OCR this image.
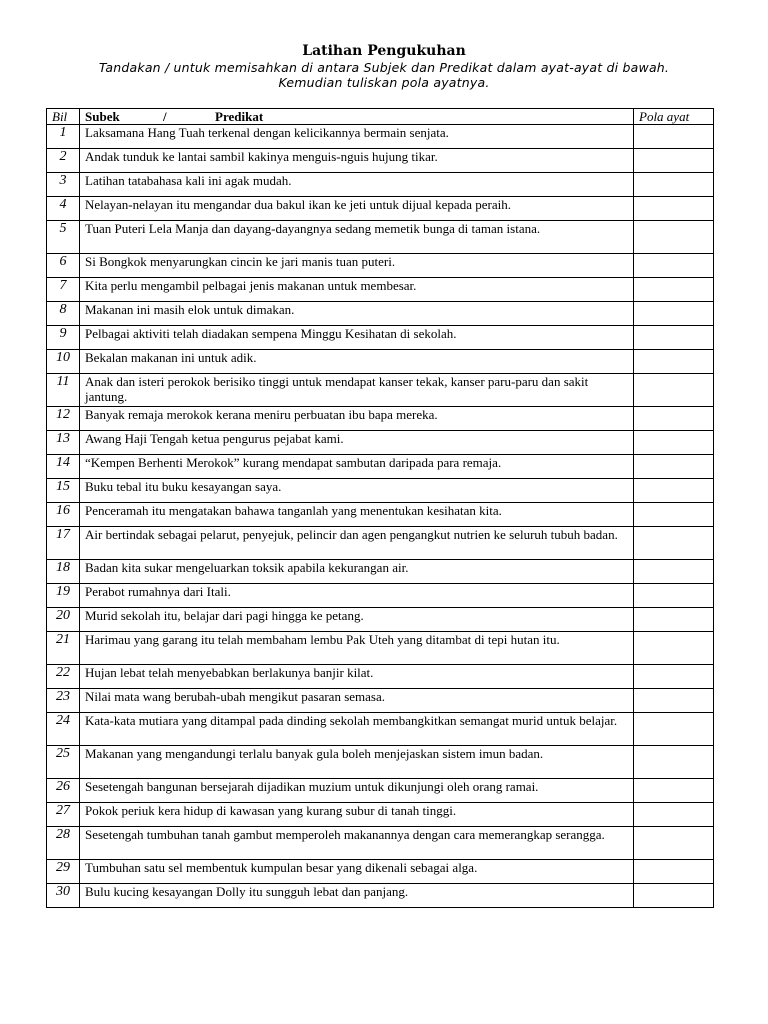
Latihan Pengukuhan
Tandakan / untuk memisahkan di antara Subjek dan Predikat dalam ayat-ayat di bawah.
Kemudian tuliskan pola ayatnya.
Bil	Subek / Predikat	Pola ayat
1	Laksamana Hang Tuah terkenal dengan kelicikannya bermain senjata.	
2	Andak tunduk ke lantai sambil kakinya menguis-nguis hujung tikar.	
3	Latihan tatabahasa kali ini agak mudah.	
4	Nelayan-nelayan itu mengandar dua bakul ikan ke jeti untuk dijual kepada peraih.	
5	Tuan Puteri Lela Manja dan dayang-dayangnya sedang memetik bunga di taman istana.	
6	Si Bongkok menyarungkan cincin ke jari manis tuan puteri.	
7	Kita perlu mengambil pelbagai jenis makanan untuk membesar.	
8	Makanan ini masih elok untuk dimakan.	
9	Pelbagai aktiviti telah diadakan sempena Minggu Kesihatan di sekolah.	
10	Bekalan makanan ini untuk adik.	
11	Anak dan isteri perokok berisiko tinggi untuk mendapat kanser tekak, kanser paru-paru dan sakit jantung.	
12	Banyak remaja merokok kerana meniru perbuatan ibu bapa mereka.	
13	Awang Haji Tengah ketua pengurus pejabat kami.	
14	“Kempen Berhenti Merokok” kurang mendapat sambutan daripada para remaja.	
15	Buku tebal itu buku kesayangan saya.	
16	Penceramah itu mengatakan bahawa tanganlah yang menentukan kesihatan kita.	
17	Air bertindak sebagai pelarut, penyejuk, pelincir dan agen pengangkut nutrien ke seluruh tubuh badan.	
18	Badan kita sukar mengeluarkan toksik apabila kekurangan air.	
19	Perabot rumahnya dari Itali.	
20	Murid sekolah itu, belajar dari pagi hingga ke petang.	
21	Harimau yang garang itu telah membaham lembu Pak Uteh yang ditambat di tepi hutan itu.	
22	Hujan lebat telah menyebabkan berlakunya banjir kilat.	
23	Nilai mata wang berubah-ubah mengikut pasaran semasa.	
24	Kata-kata mutiara yang ditampal pada dinding sekolah membangkitkan semangat murid untuk belajar.	
25	Makanan yang mengandungi terlalu banyak gula boleh menjejaskan sistem imun badan.	
26	Sesetengah bangunan bersejarah dijadikan muzium untuk dikunjungi oleh orang ramai.	
27	Pokok periuk kera hidup di kawasan yang kurang subur di tanah tinggi.	
28	Sesetengah tumbuhan tanah gambut memperoleh makanannya dengan cara memerangkap serangga.	
29	Tumbuhan satu sel membentuk kumpulan besar yang dikenali sebagai alga.	
30	Bulu kucing kesayangan Dolly itu sungguh lebat dan panjang.	
